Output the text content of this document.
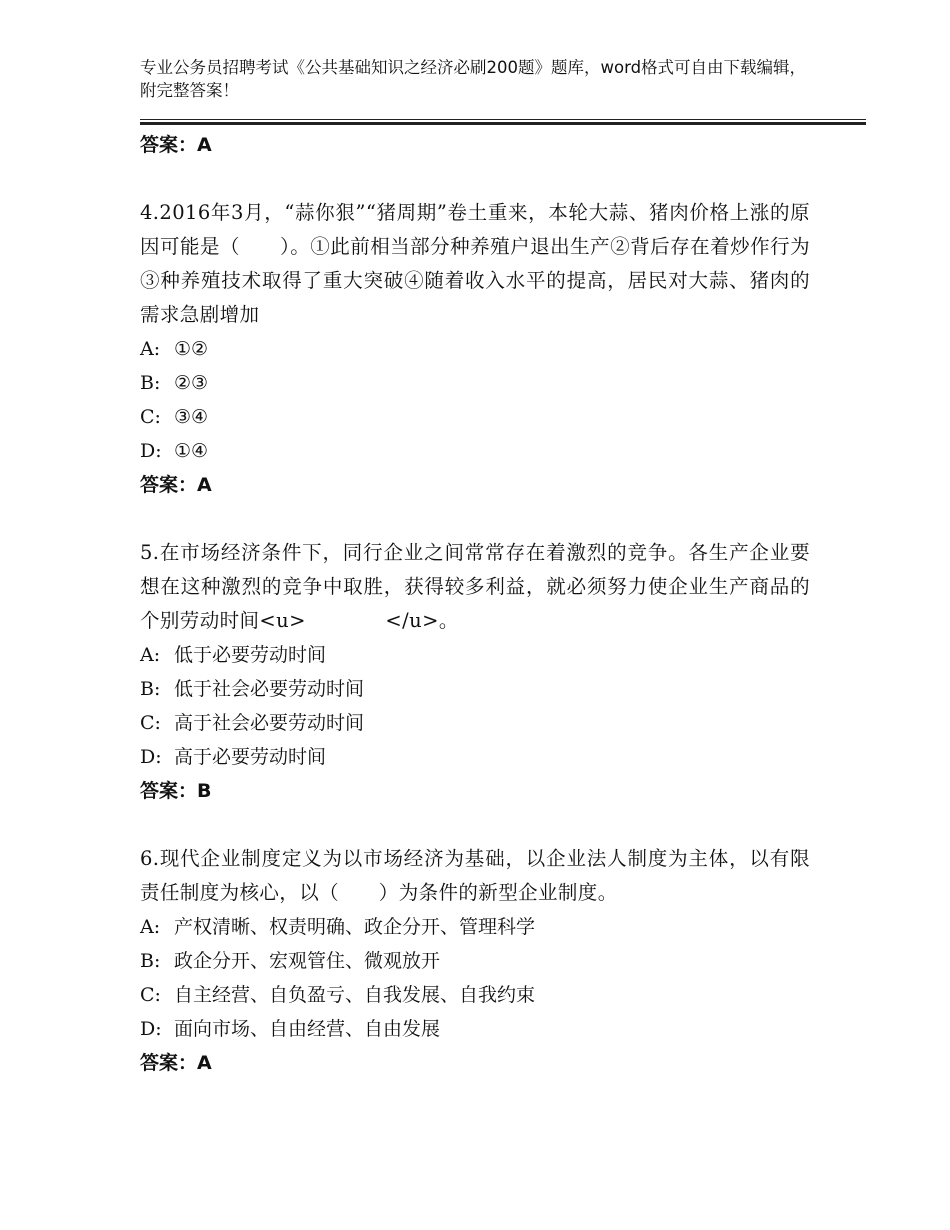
专业公务员招聘考试《公共基础知识之经济必刷200题》题库，word格式可自由下载编辑，附完整答案！

答案：A

4.2016年3月，“蒜你狠”“猪周期”卷土重来，本轮大蒜、猪肉价格上涨的原因可能是（　　）。①此前相当部分种养殖户退出生产②背后存在着炒作行为③种养殖技术取得了重大突破④随着收入水平的提高，居民对大蒜、猪肉的需求急剧增加

A: ①②

B: ②③

C: ③④

D: ①④

答案：A

5.在市场经济条件下，同行企业之间常常存在着激烈的竞争。各生产企业要想在这种激烈的竞争中取胜，获得较多利益，就必须努力使企业生产商品的个别劳动时间<u>　　　　</u>。

A: 低于必要劳动时间

B: 低于社会必要劳动时间

C: 高于社会必要劳动时间

D: 高于必要劳动时间

答案：B

6.现代企业制度定义为以市场经济为基础，以企业法人制度为主体，以有限责任制度为核心，以（　　）为条件的新型企业制度。

A: 产权清晰、权责明确、政企分开、管理科学

B: 政企分开、宏观管住、微观放开

C: 自主经营、自负盈亏、自我发展、自我约束

D: 面向市场、自由经营、自由发展

答案：A
